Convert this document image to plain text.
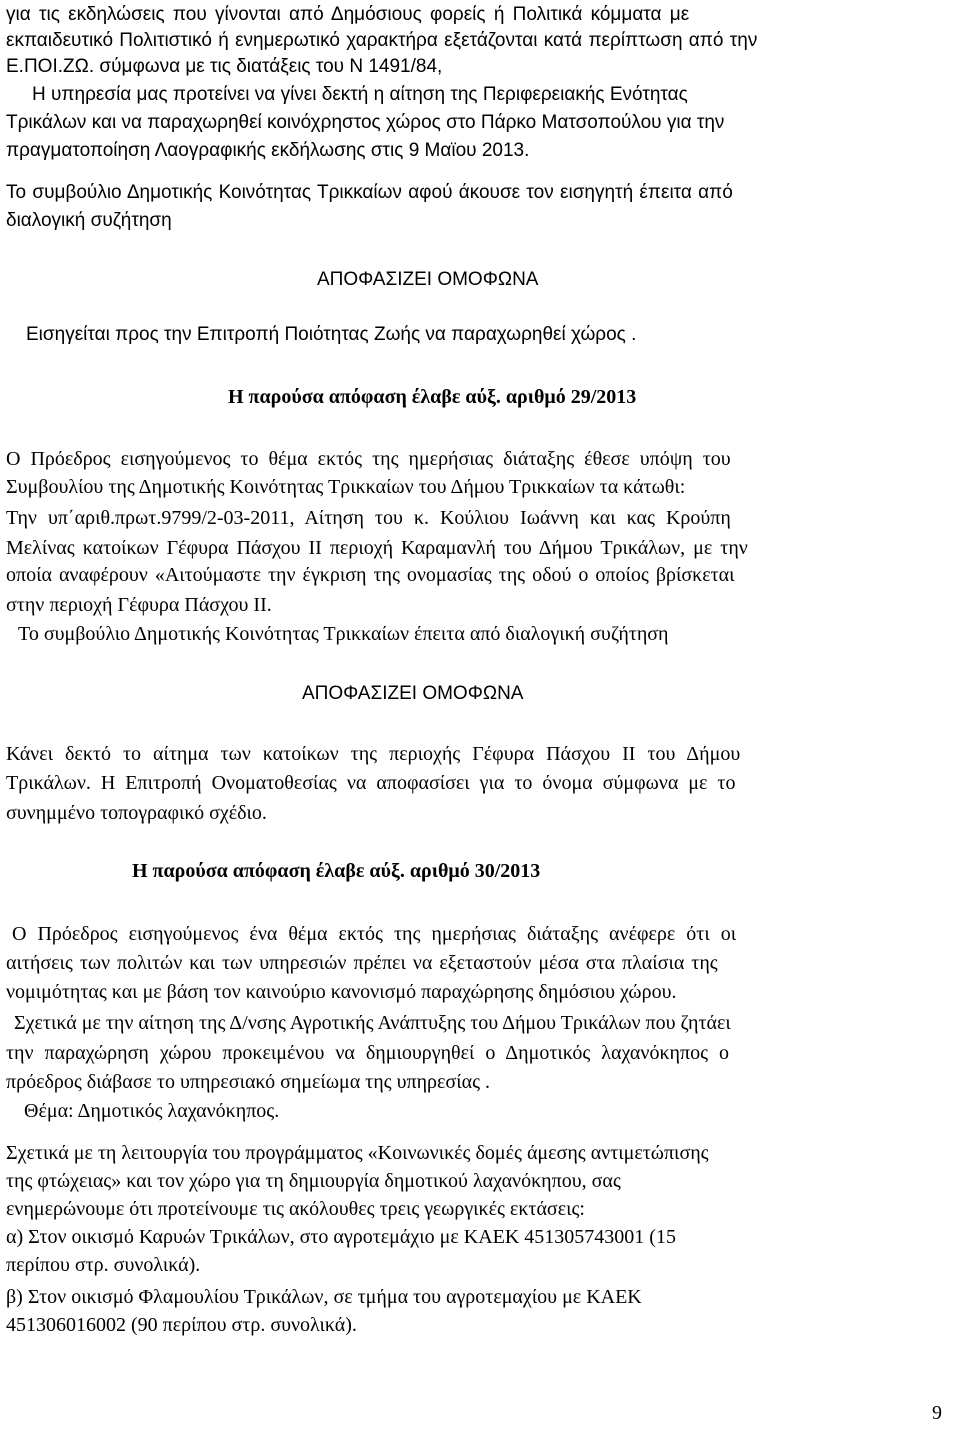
για τις εκδηλώσεις που γίνονται από Δημόσιους φορείς ή Πολιτικά κόμματα με
εκπαιδευτικό Πολιτιστικό ή ενημερωτικό χαρακτήρα εξετάζονται κατά περίπτωση από την
Ε.ΠΟΙ.ΖΩ. σύμφωνα με τις διατάξεις του Ν 1491/84,
Η υπηρεσία μας προτείνει να γίνει δεκτή η αίτηση της Περιφερειακής Ενότητας
Τρικάλων και να παραχωρηθεί κοινόχρηστος χώρος στο Πάρκο Ματσοπούλου για την
πραγματοποίηση Λαογραφικής εκδήλωσης στις 9 Μαϊου 2013.
Το συμβούλιο Δημοτικής Κοινότητας Τρικκαίων αφού άκουσε τον εισηγητή έπειτα από
διαλογική συζήτηση
ΑΠΟΦΑΣΙΖΕΙ ΟΜΟΦΩΝΑ
Εισηγείται προς την Επιτροπή Ποιότητας Ζωής να παραχωρηθεί χώρος .
Η παρούσα απόφαση έλαβε αύξ. αριθμό 29/2013
Ο Πρόεδρος εισηγούμενος το θέμα εκτός της ημερήσιας διάταξης έθεσε υπόψη του
Συμβουλίου της Δημοτικής Κοινότητας Τρικκαίων του Δήμου Τρικκαίων τα κάτωθι:
Την υπ΄αριθ.πρωτ.9799/2-03-2011, Αίτηση του κ. Κούλιου Ιωάννη και κας Κρούπη
Μελίνας κατοίκων Γέφυρα Πάσχου ΙΙ περιοχή Καραμανλή του Δήμου Τρικάλων, με την
οποία αναφέρουν «Αιτούμαστε την έγκριση της ονομασίας της οδού ο οποίος βρίσκεται
στην περιοχή Γέφυρα Πάσχου ΙΙ.
Το συμβούλιο Δημοτικής Κοινότητας Τρικκαίων έπειτα από διαλογική συζήτηση
ΑΠΟΦΑΣΙΖΕΙ ΟΜΟΦΩΝΑ
Κάνει δεκτό το αίτημα των κατοίκων της περιοχής Γέφυρα Πάσχου ΙΙ του Δήμου
Τρικάλων. Η Επιτροπή Ονοματοθεσίας να αποφασίσει για το όνομα σύμφωνα με το
συνημμένο τοπογραφικό σχέδιο.
Η παρούσα απόφαση έλαβε αύξ. αριθμό 30/2013
Ο Πρόεδρος εισηγούμενος ένα θέμα εκτός της ημερήσιας διάταξης ανέφερε ότι οι
αιτήσεις των πολιτών και των υπηρεσιών πρέπει να εξεταστούν μέσα στα πλαίσια της
νομιμότητας και με βάση τον καινούριο κανονισμό παραχώρησης δημόσιου χώρου.
Σχετικά με την αίτηση της Δ/νσης Αγροτικής Ανάπτυξης του Δήμου Τρικάλων που ζητάει
την παραχώρηση χώρου προκειμένου να δημιουργηθεί ο Δημοτικός λαχανόκηπος ο
πρόεδρος διάβασε το υπηρεσιακό σημείωμα της υπηρεσίας .
Θέμα: Δημοτικός λαχανόκηπος.
Σχετικά με τη λειτουργία του προγράμματος «Κοινωνικές δομές άμεσης αντιμετώπισης
της φτώχειας» και τον χώρο για τη δημιουργία δημοτικού λαχανόκηπου, σας
ενημερώνουμε ότι προτείνουμε τις ακόλουθες τρεις γεωργικές εκτάσεις:
α) Στον οικισμό Καρυών Τρικάλων, στο αγροτεμάχιο με ΚΑΕΚ 451305743001 (15
περίπου στρ. συνολικά).
β) Στον οικισμό Φλαμουλίου Τρικάλων, σε τμήμα του αγροτεμαχίου με ΚΑΕΚ
451306016002 (90 περίπου στρ. συνολικά).
9
